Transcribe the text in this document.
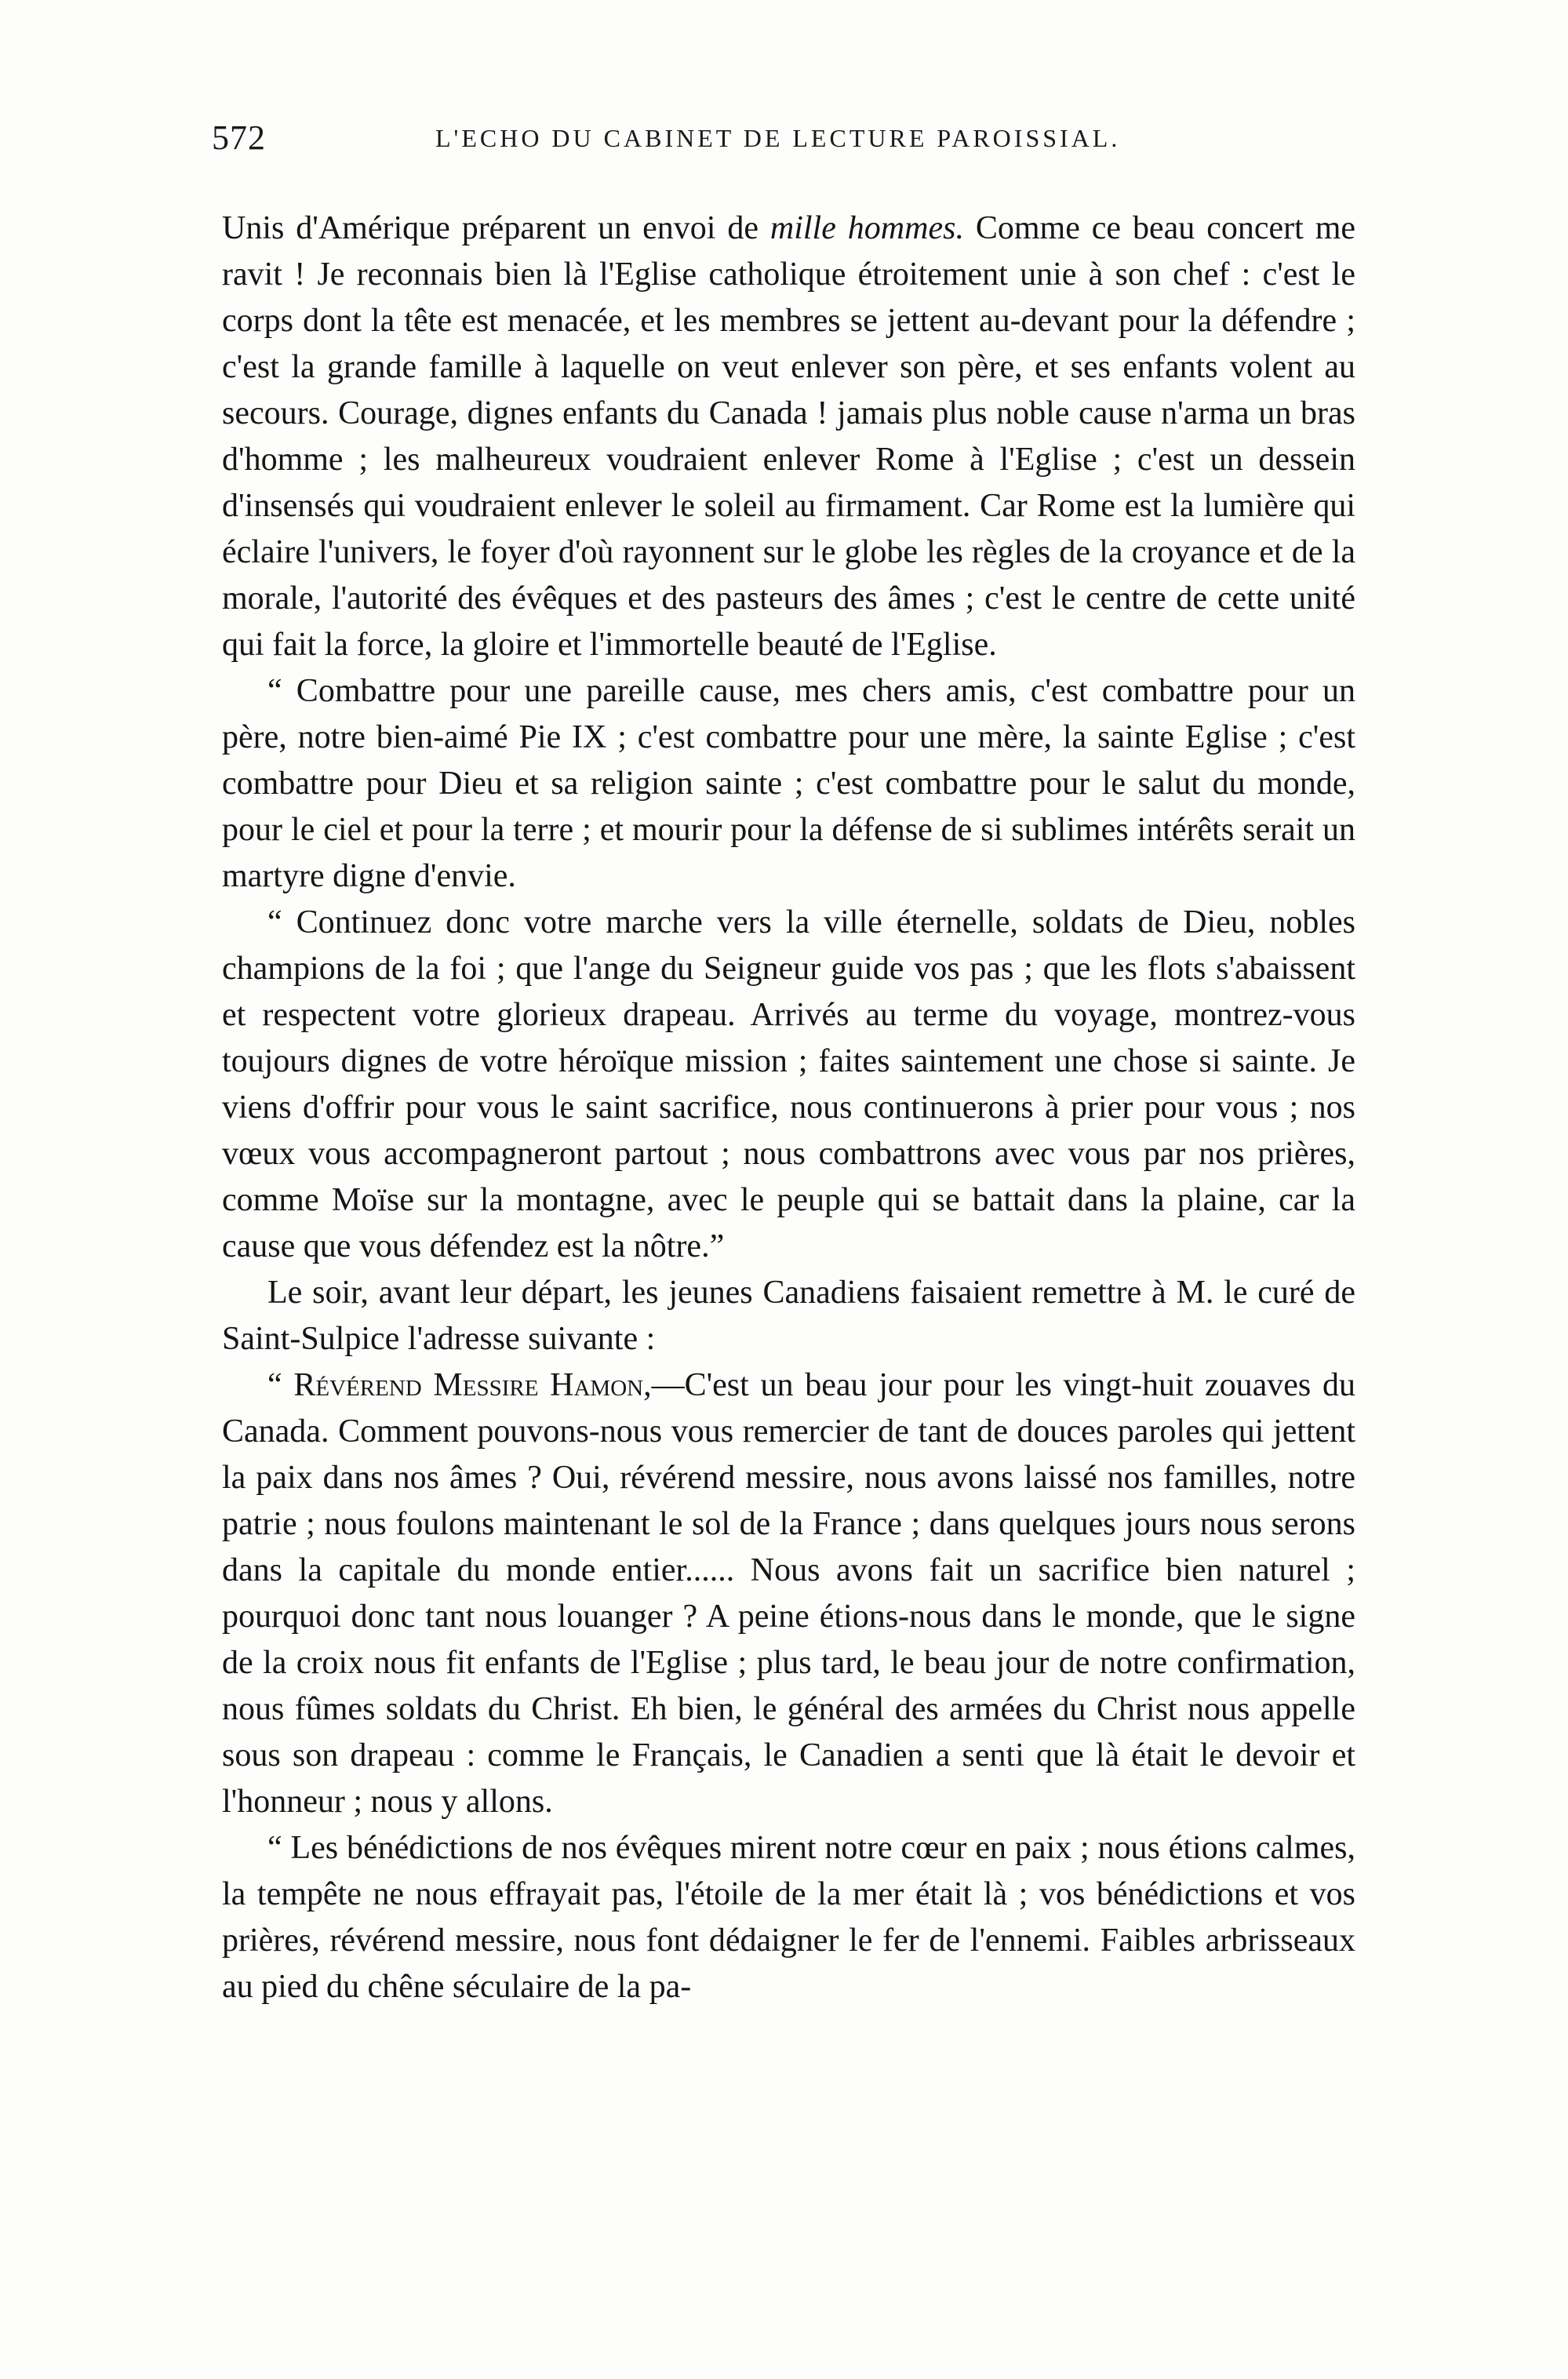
572	L'ECHO DU CABINET DE LECTURE PAROISSIAL.

Unis d'Amérique préparent un envoi de mille hommes. Comme ce beau concert me ravit ! Je reconnais bien là l'Eglise catholique étroitement unie à son chef : c'est le corps dont la tête est menacée, et les membres se jettent au-devant pour la défendre ; c'est la grande famille à laquelle on veut enlever son père, et ses enfants volent au secours. Courage, dignes enfants du Canada ! jamais plus noble cause n'arma un bras d'homme ; les malheureux voudraient enlever Rome à l'Eglise ; c'est un dessein d'insensés qui voudraient enlever le soleil au firmament. Car Rome est la lumière qui éclaire l'univers, le foyer d'où rayonnent sur le globe les règles de la croyance et de la morale, l'autorité des évêques et des pasteurs des âmes ; c'est le centre de cette unité qui fait la force, la gloire et l'immortelle beauté de l'Eglise.

“ Combattre pour une pareille cause, mes chers amis, c'est combattre pour un père, notre bien-aimé Pie IX ; c'est combattre pour une mère, la sainte Eglise ; c'est combattre pour Dieu et sa religion sainte ; c'est combattre pour le salut du monde, pour le ciel et pour la terre ; et mourir pour la défense de si sublimes intérêts serait un martyre digne d'envie.

“ Continuez donc votre marche vers la ville éternelle, soldats de Dieu, nobles champions de la foi ; que l'ange du Seigneur guide vos pas ; que les flots s'abaissent et respectent votre glorieux drapeau. Arrivés au terme du voyage, montrez-vous toujours dignes de votre héroïque mission ; faites saintement une chose si sainte. Je viens d'offrir pour vous le saint sacrifice, nous continuerons à prier pour vous ; nos vœux vous accompagneront partout ; nous combattrons avec vous par nos prières, comme Moïse sur la montagne, avec le peuple qui se battait dans la plaine, car la cause que vous défendez est la nôtre.”

Le soir, avant leur départ, les jeunes Canadiens faisaient remettre à M. le curé de Saint-Sulpice l'adresse suivante :

“ Révérend Messire Hamon,—C'est un beau jour pour les vingt-huit zouaves du Canada. Comment pouvons-nous vous remercier de tant de douces paroles qui jettent la paix dans nos âmes ? Oui, révérend messire, nous avons laissé nos familles, notre patrie ; nous foulons maintenant le sol de la France ; dans quelques jours nous serons dans la capitale du monde entier...... Nous avons fait un sacrifice bien naturel ; pourquoi donc tant nous louanger ? A peine étions-nous dans le monde, que le signe de la croix nous fit enfants de l'Eglise ; plus tard, le beau jour de notre confirmation, nous fûmes soldats du Christ. Eh bien, le général des armées du Christ nous appelle sous son drapeau : comme le Français, le Canadien a senti que là était le devoir et l'honneur ; nous y allons.

“ Les bénédictions de nos évêques mirent notre cœur en paix ; nous étions calmes, la tempête ne nous effrayait pas, l'étoile de la mer était là ; vos bénédictions et vos prières, révérend messire, nous font dédaigner le fer de l'ennemi. Faibles arbrisseaux au pied du chêne séculaire de la pa-
